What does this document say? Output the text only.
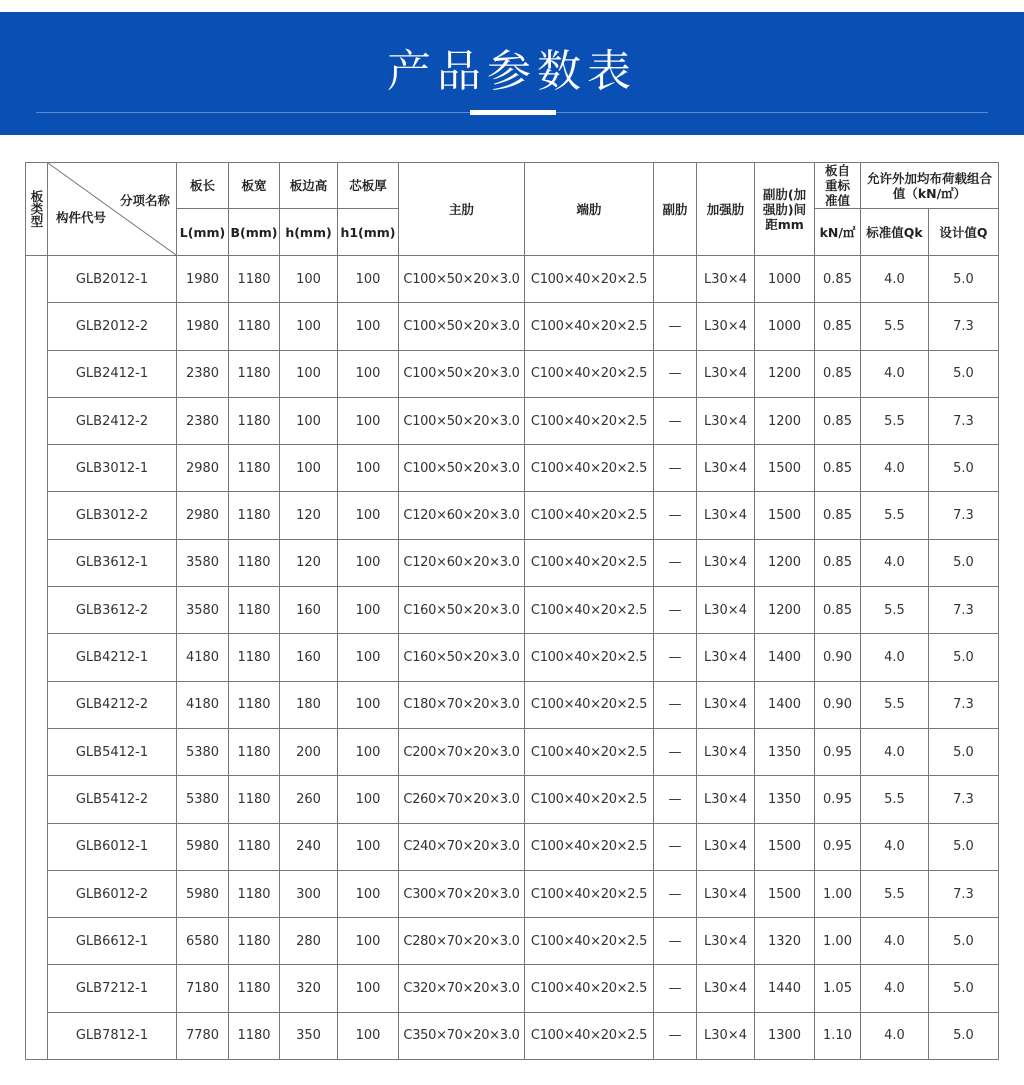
产品参数表
板类型	分项名称
构件代号	板长	板宽	板边高	芯板厚	主肋	端肋	副肋	加强肋	副肋(加强肋)间距mm	板自重标准值	允许外加均布荷载组合值（kN/㎡）	
		L(mm)	B(mm)	h(mm)	h1(mm)						kN/㎡	标准值Qk	设计值Q
	GLB2012-1	1980	1180	100	100	C100×50×20×3.0	C100×40×20×2.5		L30×4	1000	0.85	4.0	5.0
	GLB2012-2	1980	1180	100	100	C100×50×20×3.0	C100×40×20×2.5	—	L30×4	1000	0.85	5.5	7.3
	GLB2412-1	2380	1180	100	100	C100×50×20×3.0	C100×40×20×2.5	—	L30×4	1200	0.85	4.0	5.0
	GLB2412-2	2380	1180	100	100	C100×50×20×3.0	C100×40×20×2.5	—	L30×4	1200	0.85	5.5	7.3
	GLB3012-1	2980	1180	100	100	C100×50×20×3.0	C100×40×20×2.5	—	L30×4	1500	0.85	4.0	5.0
	GLB3012-2	2980	1180	120	100	C120×60×20×3.0	C100×40×20×2.5	—	L30×4	1500	0.85	5.5	7.3
	GLB3612-1	3580	1180	120	100	C120×60×20×3.0	C100×40×20×2.5	—	L30×4	1200	0.85	4.0	5.0
	GLB3612-2	3580	1180	160	100	C160×50×20×3.0	C100×40×20×2.5	—	L30×4	1200	0.85	5.5	7.3
	GLB4212-1	4180	1180	160	100	C160×50×20×3.0	C100×40×20×2.5	—	L30×4	1400	0.90	4.0	5.0
	GLB4212-2	4180	1180	180	100	C180×70×20×3.0	C100×40×20×2.5	—	L30×4	1400	0.90	5.5	7.3
	GLB5412-1	5380	1180	200	100	C200×70×20×3.0	C100×40×20×2.5	—	L30×4	1350	0.95	4.0	5.0
	GLB5412-2	5380	1180	260	100	C260×70×20×3.0	C100×40×20×2.5	—	L30×4	1350	0.95	5.5	7.3
	GLB6012-1	5980	1180	240	100	C240×70×20×3.0	C100×40×20×2.5	—	L30×4	1500	0.95	4.0	5.0
	GLB6012-2	5980	1180	300	100	C300×70×20×3.0	C100×40×20×2.5	—	L30×4	1500	1.00	5.5	7.3
	GLB6612-1	6580	1180	280	100	C280×70×20×3.0	C100×40×20×2.5	—	L30×4	1320	1.00	4.0	5.0
	GLB7212-1	7180	1180	320	100	C320×70×20×3.0	C100×40×20×2.5	—	L30×4	1440	1.05	4.0	5.0
	GLB7812-1	7780	1180	350	100	C350×70×20×3.0	C100×40×20×2.5	—	L30×4	1300	1.10	4.0	5.0
